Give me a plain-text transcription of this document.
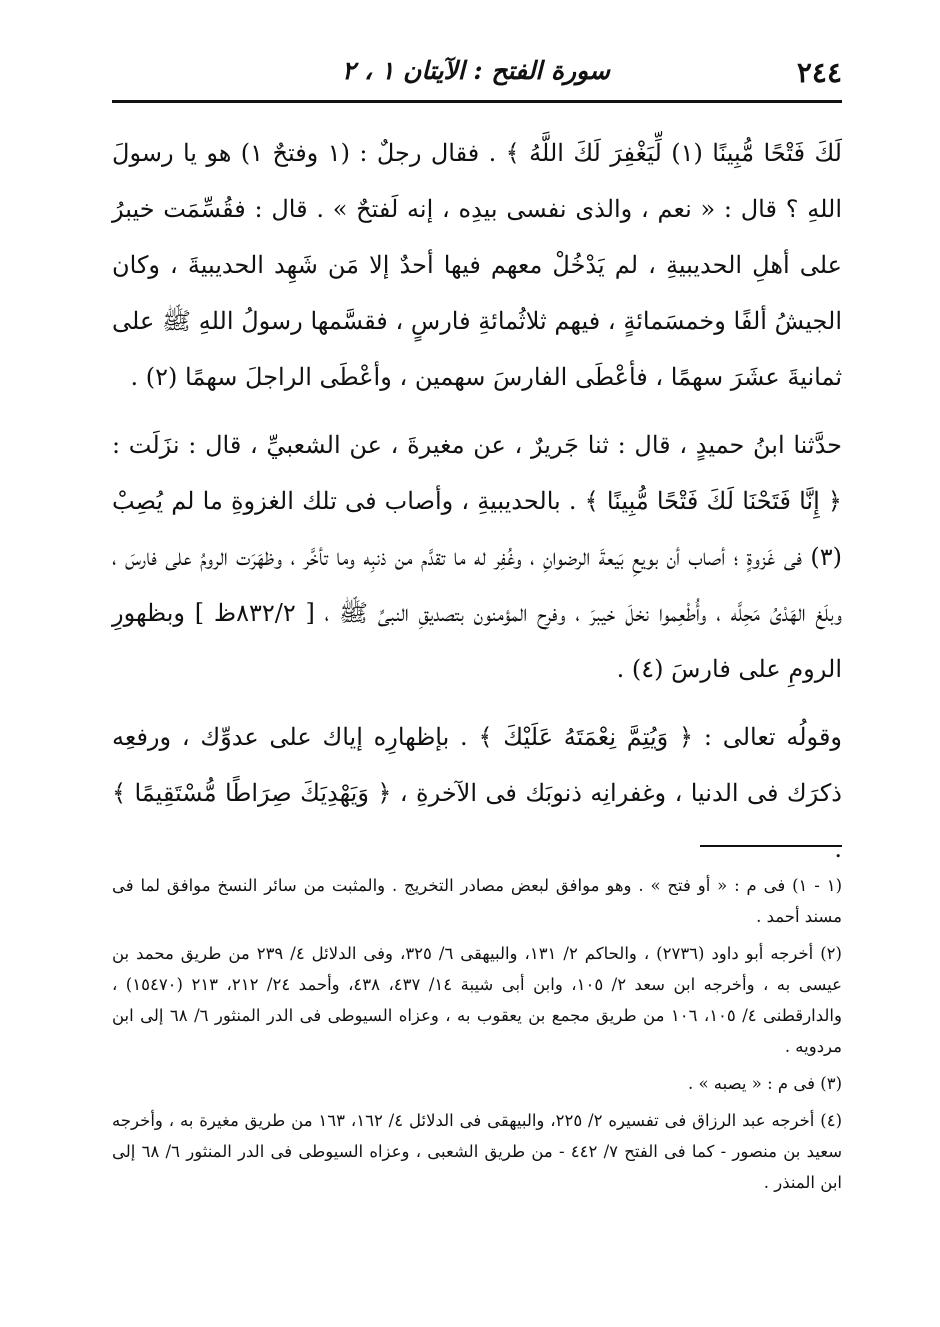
٢٤٤
سورة الفتح : الآيتان ١ ، ٢

لَكَ فَتْحًا مُّبِينًا (١) لِّيَغْفِرَ لَكَ اللَّهُ ﴾ . فقال رجلٌ : (١ وفتحٌ ١) هو يا رسولَ اللهِ ؟ قال : « نعم ، والذى نفسى بيدِه ، إنه لَفتحٌ » . قال : فقُسِّمَت خيبرُ على أهلِ الحديبيةِ ، لم يَدْخُلْ معهم فيها أحدٌ إلا مَن شَهِد الحديبيةَ ، وكان الجيشُ ألفًا وخمسَمائةٍ ، فيهم ثلاثُمائةِ فارسٍ ، فقسَّمها رسولُ اللهِ ﷺ على ثمانيةَ عشَرَ سهمًا ، فأعْطَى الفارسَ سهمين ، وأعْطَى الراجلَ سهمًا (٢) .

حدَّثنا ابنُ حميدٍ ، قال : ثنا جَريرٌ ، عن مغيرةَ ، عن الشعبيِّ ، قال : نزَلَت : ﴿ إِنَّا فَتَحْنَا لَكَ فَتْحًا مُّبِينًا ﴾ . بالحديبيةِ ، وأصاب فى تلك الغزوةِ ما لم يُصِبْ (٣) فى غَزوةٍ ؛ أصاب أن بويعِ بَيعةَ الرضوانِ ، وغُفِر له ما تقدَّم من ذنبِه وما تأخَّر ، وظهَرَت الرومُ على فارسَ ، وبلَغ الهَدْىُ مَحِلَّه ، وأُطْعِموا نخلَ خيبرَ ، وفرِح المؤمنون بتصديقِ النبىِّ ﷺ ، [ ٨٣٢/٢ظ ] وبظهورِ الرومِ على فارسَ (٤) .

وقولُه تعالى : ﴿ وَيُتِمَّ نِعْمَتَهُ عَلَيْكَ ﴾ . بإظهارِه إياك على عدوِّك ، ورفعِه ذكرَك فى الدنيا ، وغفرانِه ذنوبَك فى الآخرةِ ، ﴿ وَيَهْدِيَكَ صِرَاطًا مُّسْتَقِيمًا ﴾ .

(١ - ١) فى م : « أو فتح » . وهو موافق لبعض مصادر التخريج . والمثبت من سائر النسخ موافق لما فى مسند أحمد .

(٢) أخرجه أبو داود (٢٧٣٦) ، والحاكم ٢/ ١٣١، والبيهقى ٦/ ٣٢٥، وفى الدلائل ٤/ ٢٣٩ من طريق محمد بن عيسى به ، وأخرجه ابن سعد ٢/ ١٠٥، وابن أبى شيبة ١٤/ ٤٣٧، ٤٣٨، وأحمد ٢٤/ ٢١٢، ٢١٣ (١٥٤٧٠) ، والدارقطنى ٤/ ١٠٥، ١٠٦ من طريق مجمع بن يعقوب به ، وعزاه السيوطى فى الدر المنثور ٦/ ٦٨ إلى ابن مردويه .

(٣) فى م : « يصبه » .

(٤) أخرجه عبد الرزاق فى تفسيره ٢/ ٢٢٥، والبيهقى فى الدلائل ٤/ ١٦٢، ١٦٣ من طريق مغيرة به ، وأخرجه سعيد بن منصور - كما فى الفتح ٧/ ٤٤٢ - من طريق الشعبى ، وعزاه السيوطى فى الدر المنثور ٦/ ٦٨ إلى ابن المنذر .
